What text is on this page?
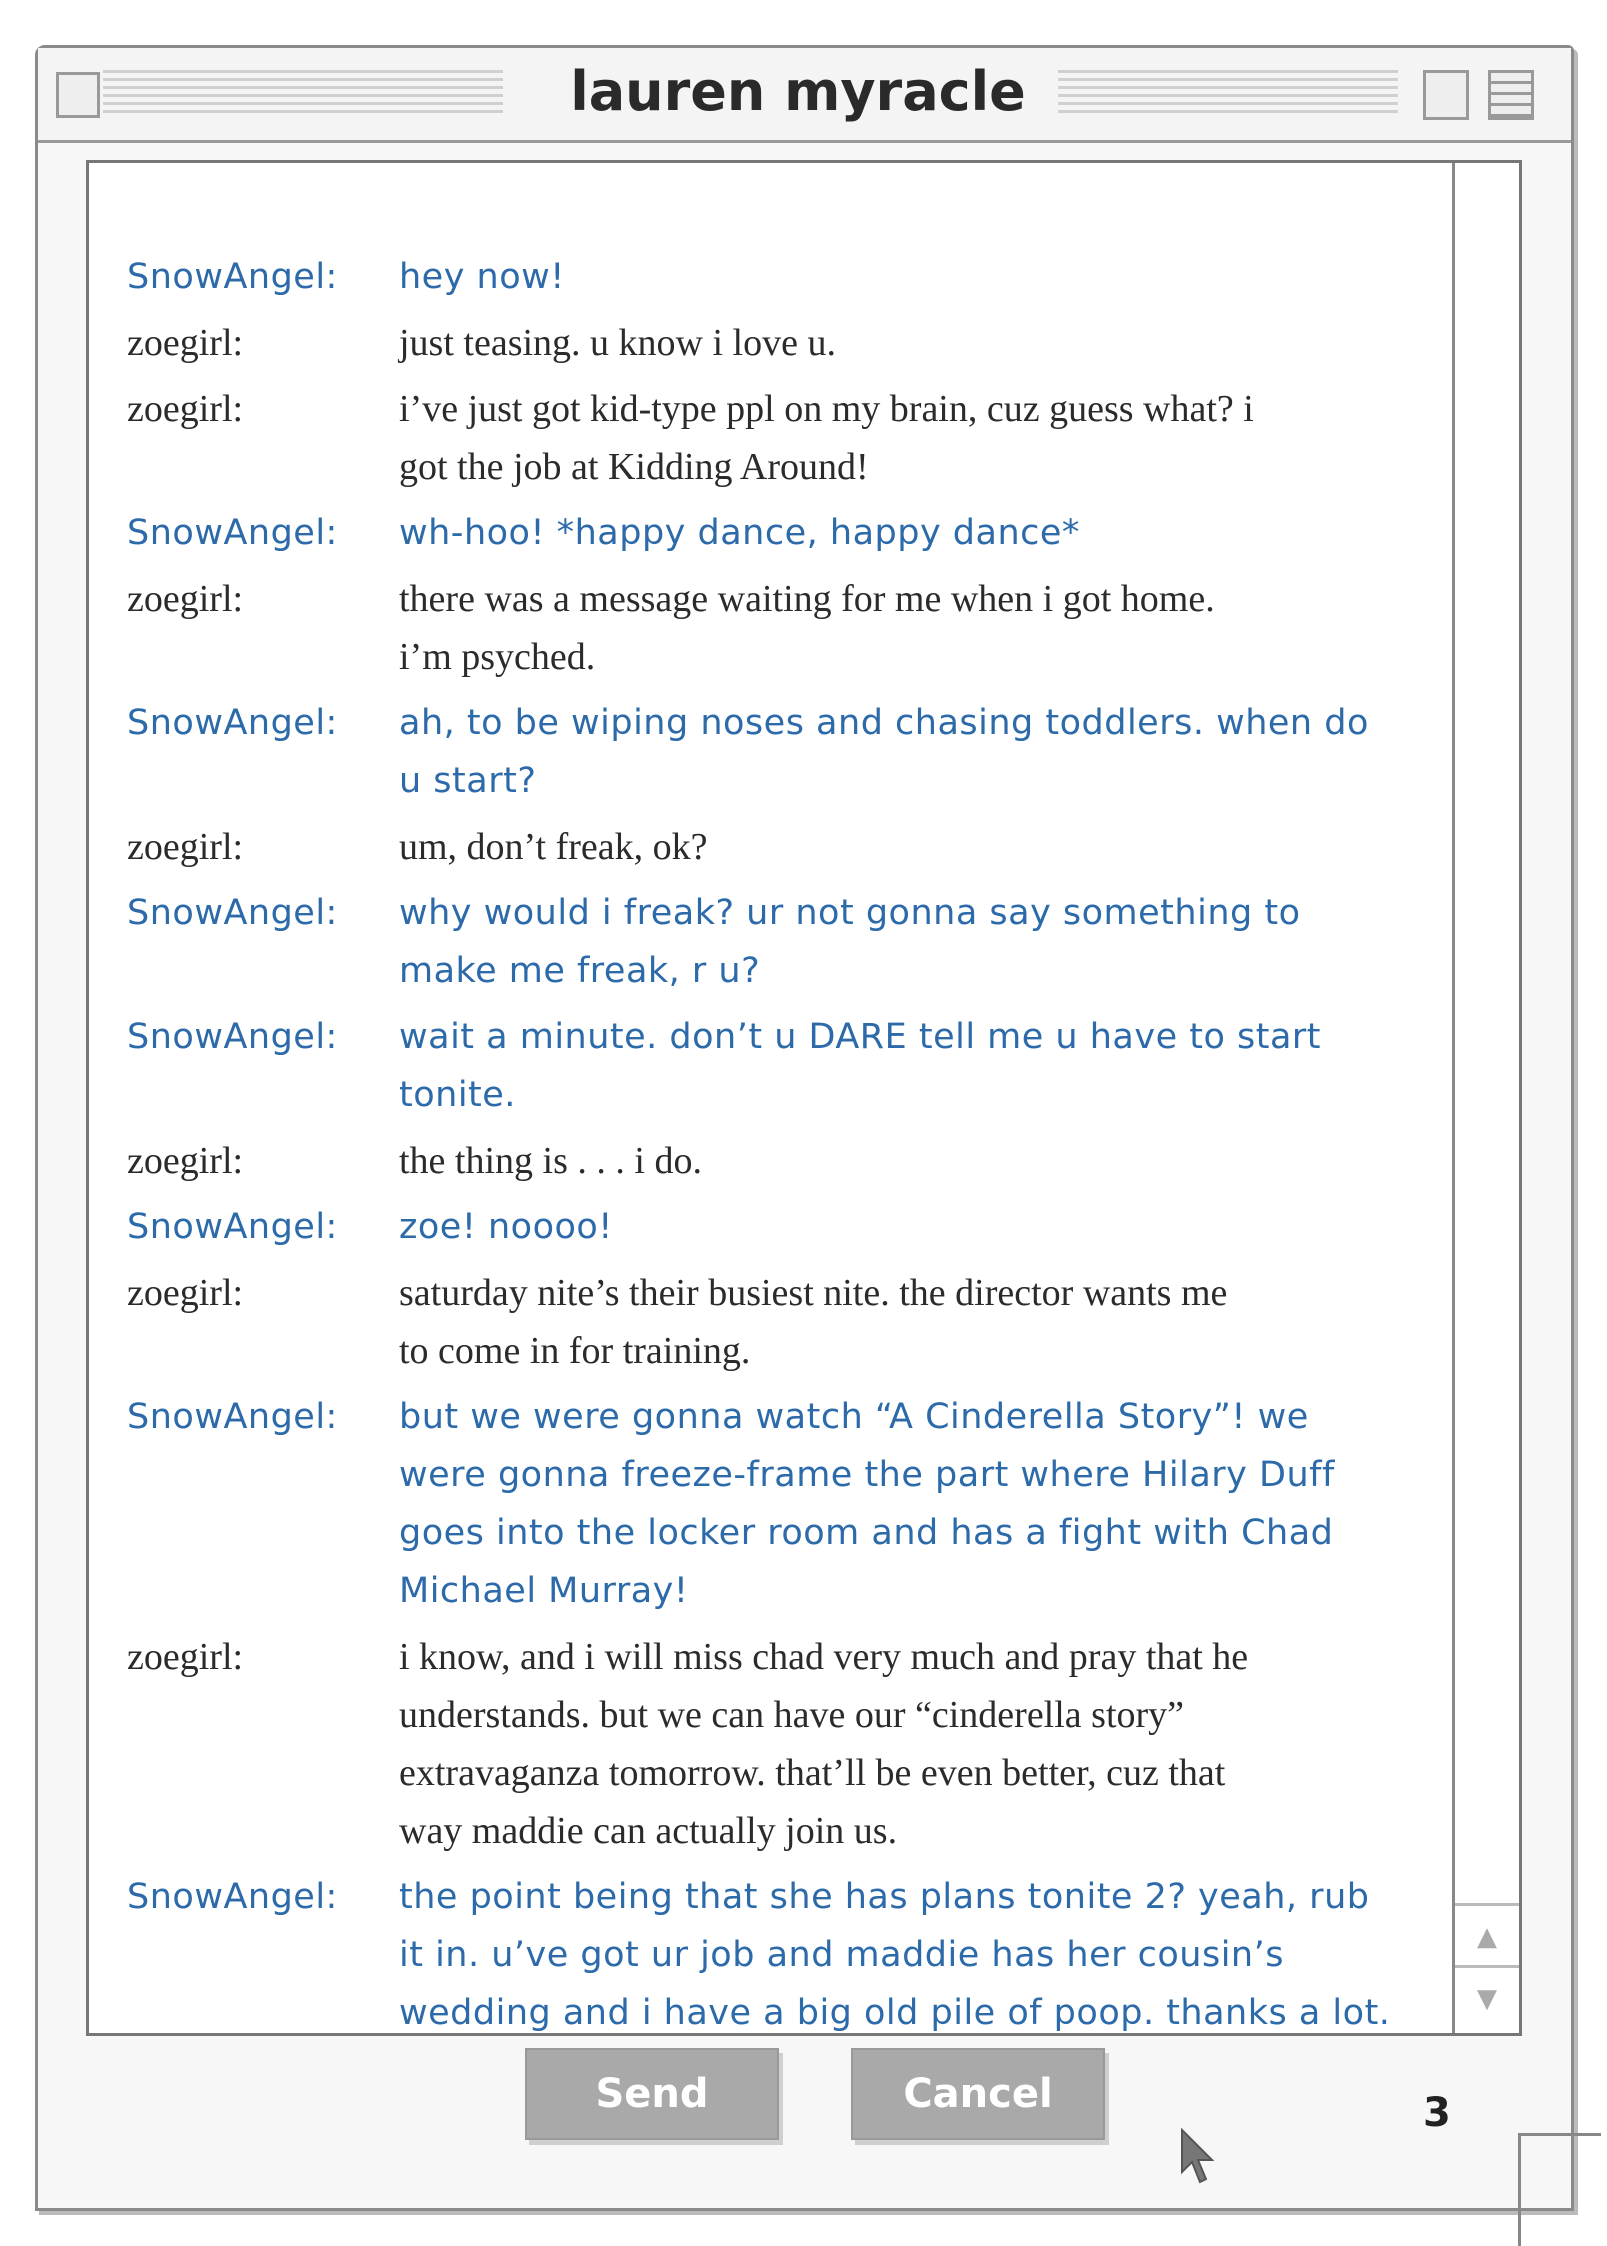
lauren myracle
SnowAngel:	hey now!
zoegirl:	just teasing. u know i love u.
zoegirl:	i’ve just got kid-type ppl on my brain, cuz guess what? i
got the job at Kidding Around!
SnowAngel:	wh-hoo! *happy dance, happy dance*
zoegirl:	there was a message waiting for me when i got home.
i’m psyched.
SnowAngel:	ah, to be wiping noses and chasing toddlers. when do
u start?
zoegirl:	um, don’t freak, ok?
SnowAngel:	why would i freak? ur not gonna say something to
make me freak, r u?
SnowAngel:	wait a minute. don’t u DARE tell me u have to start
tonite.
zoegirl:	the thing is . . . i do.
SnowAngel:	zoe! noooo!
zoegirl:	saturday nite’s their busiest nite. the director wants me
to come in for training.
SnowAngel:	but we were gonna watch “A Cinderella Story”! we
were gonna freeze-frame the part where Hilary Duff
goes into the locker room and has a fight with Chad
Michael Murray!
zoegirl:	i know, and i will miss chad very much and pray that he
understands. but we can have our “cinderella story”
extravaganza tomorrow. that’ll be even better, cuz that
way maddie can actually join us.
SnowAngel:	the point being that she has plans tonite 2? yeah, rub
it in. u’ve got ur job and maddie has her cousin’s
wedding and i have a big old pile of poop. thanks a lot.
▲
▼
Send	Cancel	3
